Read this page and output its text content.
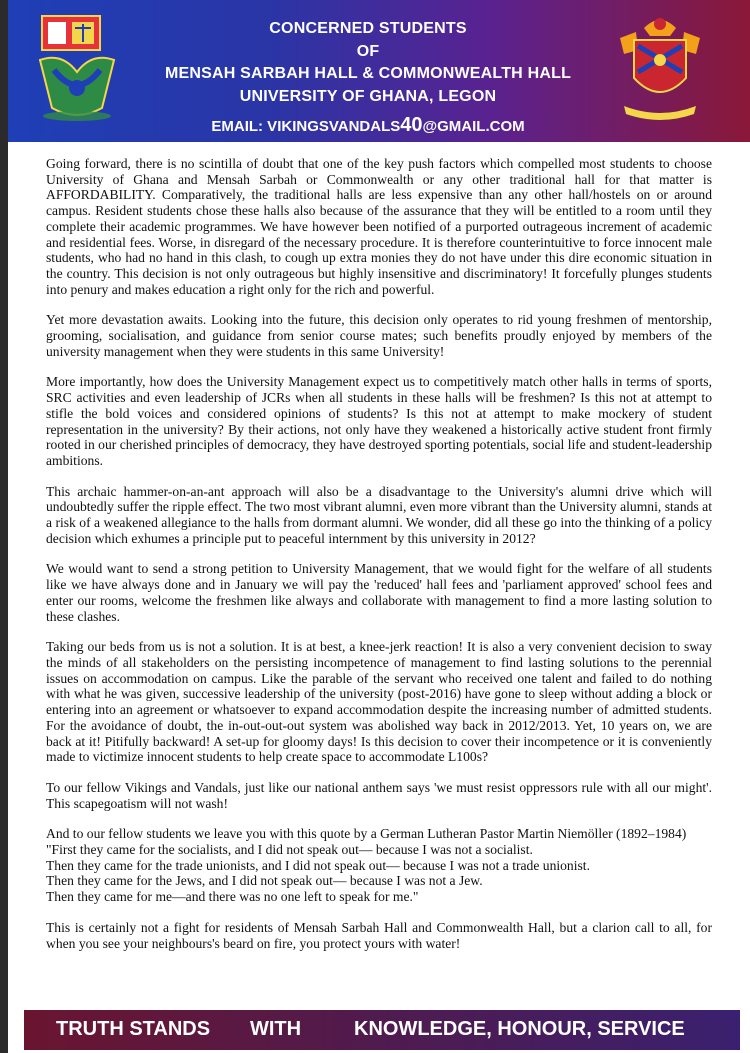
CONCERNED STUDENTS
OF
MENSAH SARBAH HALL & COMMONWEALTH HALL
UNIVERSITY OF GHANA, LEGON
EMAIL: VIKINGSVANDALS40@GMAIL.COM

Going forward, there is no scintilla of doubt that one of the key push factors which compelled most students to choose University of Ghana and Mensah Sarbah or Commonwealth or any other traditional hall for that matter is AFFORDABILITY. Comparatively, the traditional halls are less expensive than any other hall/hostels on or around campus. Resident students chose these halls also because of the assurance that they will be entitled to a room until they complete their academic programmes. We have however been notified of a purported outrageous increment of academic and residential fees. Worse, in disregard of the necessary procedure. It is therefore counterintuitive to force innocent male students, who had no hand in this clash, to cough up extra monies they do not have under this dire economic situation in the country. This decision is not only outrageous but highly insensitive and discriminatory! It forcefully plunges students into penury and makes education a right only for the rich and powerful.

Yet more devastation awaits. Looking into the future, this decision only operates to rid young freshmen of mentorship, grooming, socialisation, and guidance from senior course mates; such benefits proudly enjoyed by members of the university management when they were students in this same University!

More importantly, how does the University Management expect us to competitively match other halls in terms of sports, SRC activities and even leadership of JCRs when all students in these halls will be freshmen? Is this not at attempt to stifle the bold voices and considered opinions of students? Is this not at attempt to make mockery of student representation in the university? By their actions, not only have they weakened a historically active student front firmly rooted in our cherished principles of democracy, they have destroyed sporting potentials, social life and student-leadership ambitions.

This archaic hammer-on-an-ant approach will also be a disadvantage to the University's alumni drive which will undoubtedly suffer the ripple effect. The two most vibrant alumni, even more vibrant than the University alumni, stands at a risk of a weakened allegiance to the halls from dormant alumni. We wonder, did all these go into the thinking of a policy decision which exhumes a principle put to peaceful internment by this university in 2012?

We would want to send a strong petition to University Management, that we would fight for the welfare of all students like we have always done and in January we will pay the 'reduced' hall fees and 'parliament approved' school fees and enter our rooms, welcome the freshmen like always and collaborate with management to find a more lasting solution to these clashes.

Taking our beds from us is not a solution. It is at best, a knee-jerk reaction! It is also a very convenient decision to sway the minds of all stakeholders on the persisting incompetence of management to find lasting solutions to the perennial issues on accommodation on campus. Like the parable of the servant who received one talent and failed to do nothing with what he was given, successive leadership of the university (post-2016) have gone to sleep without adding a block or entering into an agreement or whatsoever to expand accommodation despite the increasing number of admitted students. For the avoidance of doubt, the in-out-out-out system was abolished way back in 2012/2013. Yet, 10 years on, we are back at it! Pitifully backward! A set-up for gloomy days! Is this decision to cover their incompetence or it is conveniently made to victimize innocent students to help create space to accommodate L100s?

To our fellow Vikings and Vandals, just like our national anthem says 'we must resist oppressors rule with all our might'. This scapegoatism will not wash!

And to our fellow students we leave you with this quote by a German Lutheran Pastor Martin Niemöller (1892–1984)
"First they came for the socialists, and I did not speak out— because I was not a socialist.
Then they came for the trade unionists, and I did not speak out— because I was not a trade unionist.
Then they came for the Jews, and I did not speak out— because I was not a Jew.
Then they came for me—and there was no one left to speak for me."

This is certainly not a fight for residents of Mensah Sarbah Hall and Commonwealth Hall, but a clarion call to all, for when you see your neighbours's beard on fire, you protect yours with water!

TRUTH STANDS WITH	KNOWLEDGE, HONOUR, SERVICE
